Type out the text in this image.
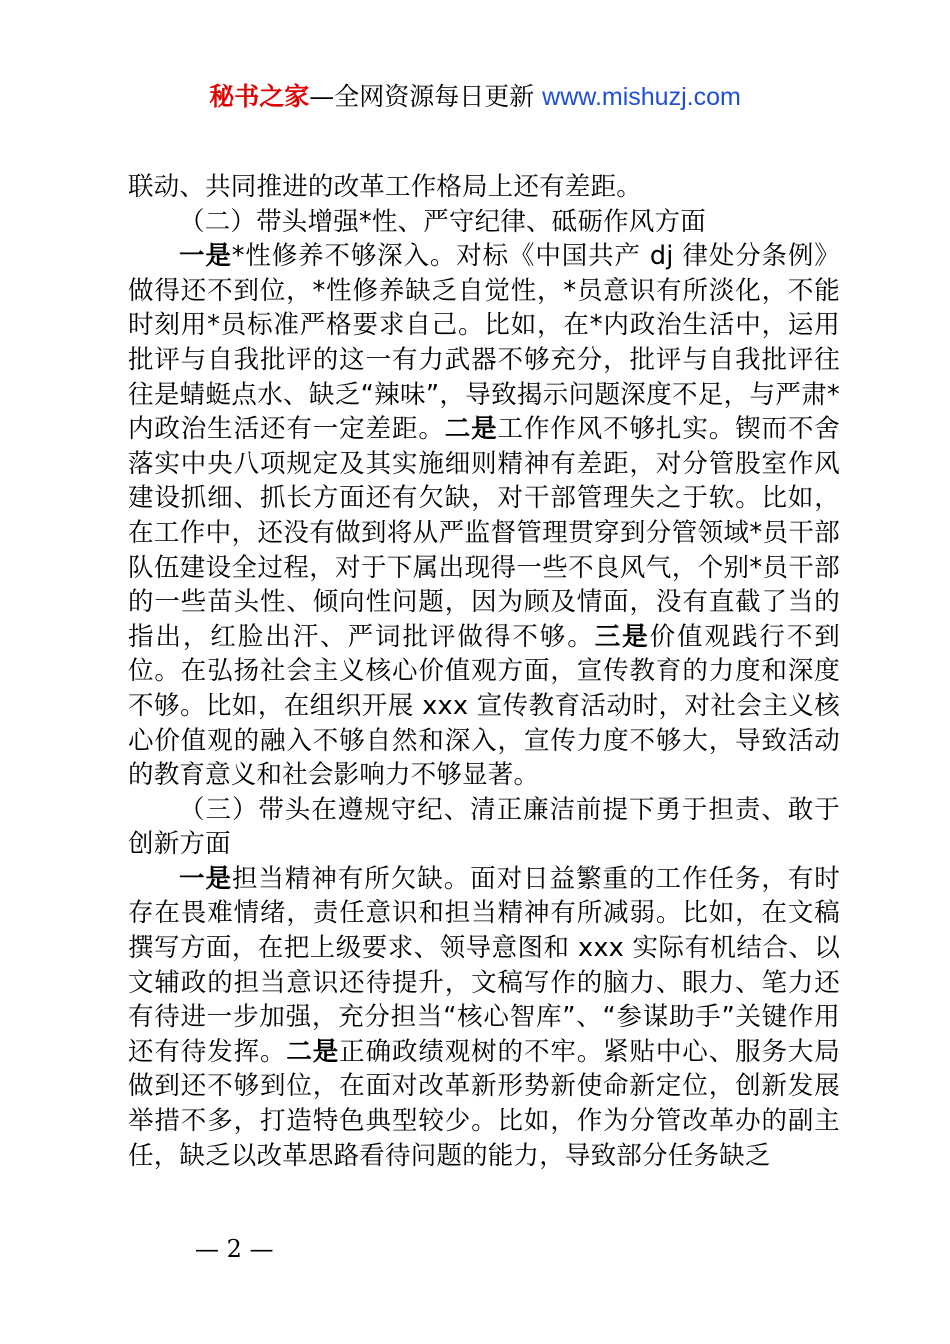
秘书之家—全网资源每日更新 www.mishuzj.com

联动、共同推进的改革工作格局上还有差距。

（二）带头增强*性、严守纪律、砥砺作风方面

一是*性修养不够深入。对标《中国共产 dj 律处分条例》做得还不到位，*性修养缺乏自觉性，*员意识有所淡化，不能时刻用*员标准严格要求自己。比如，在*内政治生活中，运用批评与自我批评的这一有力武器不够充分，批评与自我批评往往是蜻蜓点水、缺乏“辣味”，导致揭示问题深度不足，与严肃*内政治生活还有一定差距。二是工作作风不够扎实。锲而不舍落实中央八项规定及其实施细则精神有差距，对分管股室作风建设抓细、抓长方面还有欠缺，对干部管理失之于软。比如，在工作中，还没有做到将从严监督管理贯穿到分管领域*员干部队伍建设全过程，对于下属出现得一些不良风气，个别*员干部的一些苗头性、倾向性问题，因为顾及情面，没有直截了当的指出，红脸出汗、严词批评做得不够。三是价值观践行不到位。在弘扬社会主义核心价值观方面，宣传教育的力度和深度不够。比如，在组织开展 xxx 宣传教育活动时，对社会主义核心价值观的融入不够自然和深入，宣传力度不够大，导致活动的教育意义和社会影响力不够显著。

（三）带头在遵规守纪、清正廉洁前提下勇于担责、敢于创新方面

一是担当精神有所欠缺。面对日益繁重的工作任务，有时存在畏难情绪，责任意识和担当精神有所减弱。比如，在文稿撰写方面，在把上级要求、领导意图和 xxx 实际有机结合、以文辅政的担当意识还待提升，文稿写作的脑力、眼力、笔力还有待进一步加强，充分担当“核心智库”、“参谋助手”关键作用还有待发挥。二是正确政绩观树的不牢。紧贴中心、服务大局做到还不够到位，在面对改革新形势新使命新定位，创新发展举措不多，打造特色典型较少。比如，作为分管改革办的副主任，缺乏以改革思路看待问题的能力，导致部分任务缺乏

— 2 —
